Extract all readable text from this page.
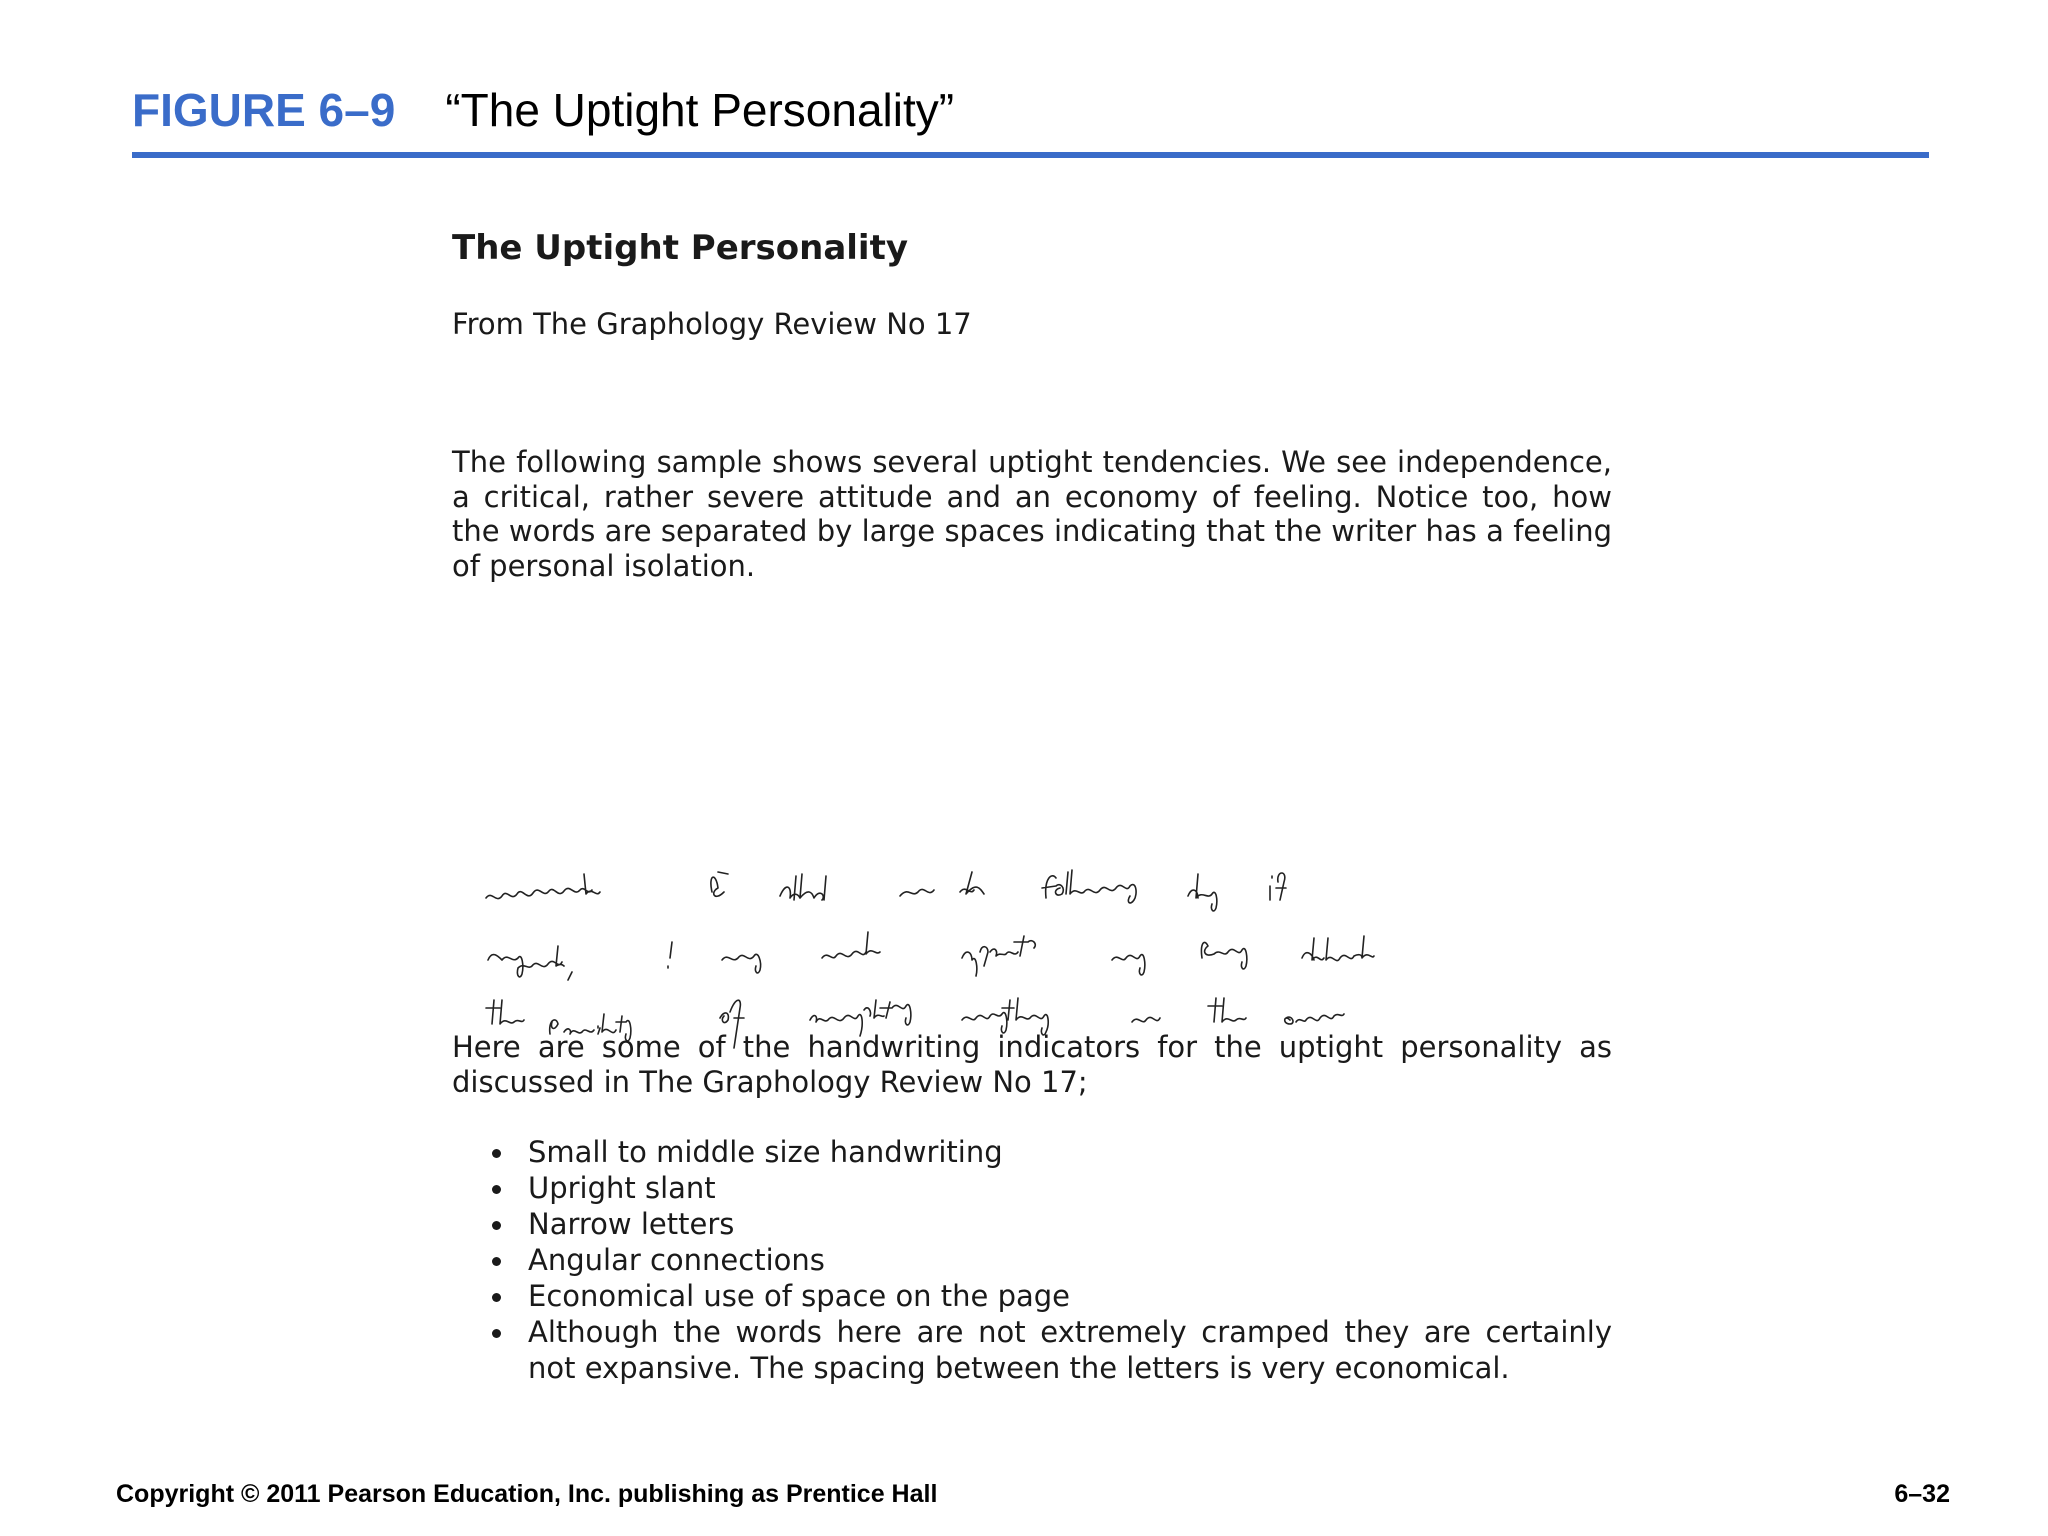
FIGURE 6–9 “The Uptight Personality”
The Uptight Personality

From The Graphology Review No 17

The following sample shows several uptight tendencies. We see independence, a critical, rather severe attitude and an economy of feeling. Notice too, how the words are separated by large spaces indicating that the writer has a feeling of personal isolation.

Here are some of the handwriting indicators for the uptight personality as discussed in The Graphology Review No 17;

Small to middle size handwriting
Upright slant
Narrow letters
Angular connections
Economical use of space on the page
Although the words here are not extremely cramped they are certainly not expansive. The spacing between the letters is very economical.
Copyright © 2011 Pearson Education, Inc. publishing as Prentice Hall	6–32
